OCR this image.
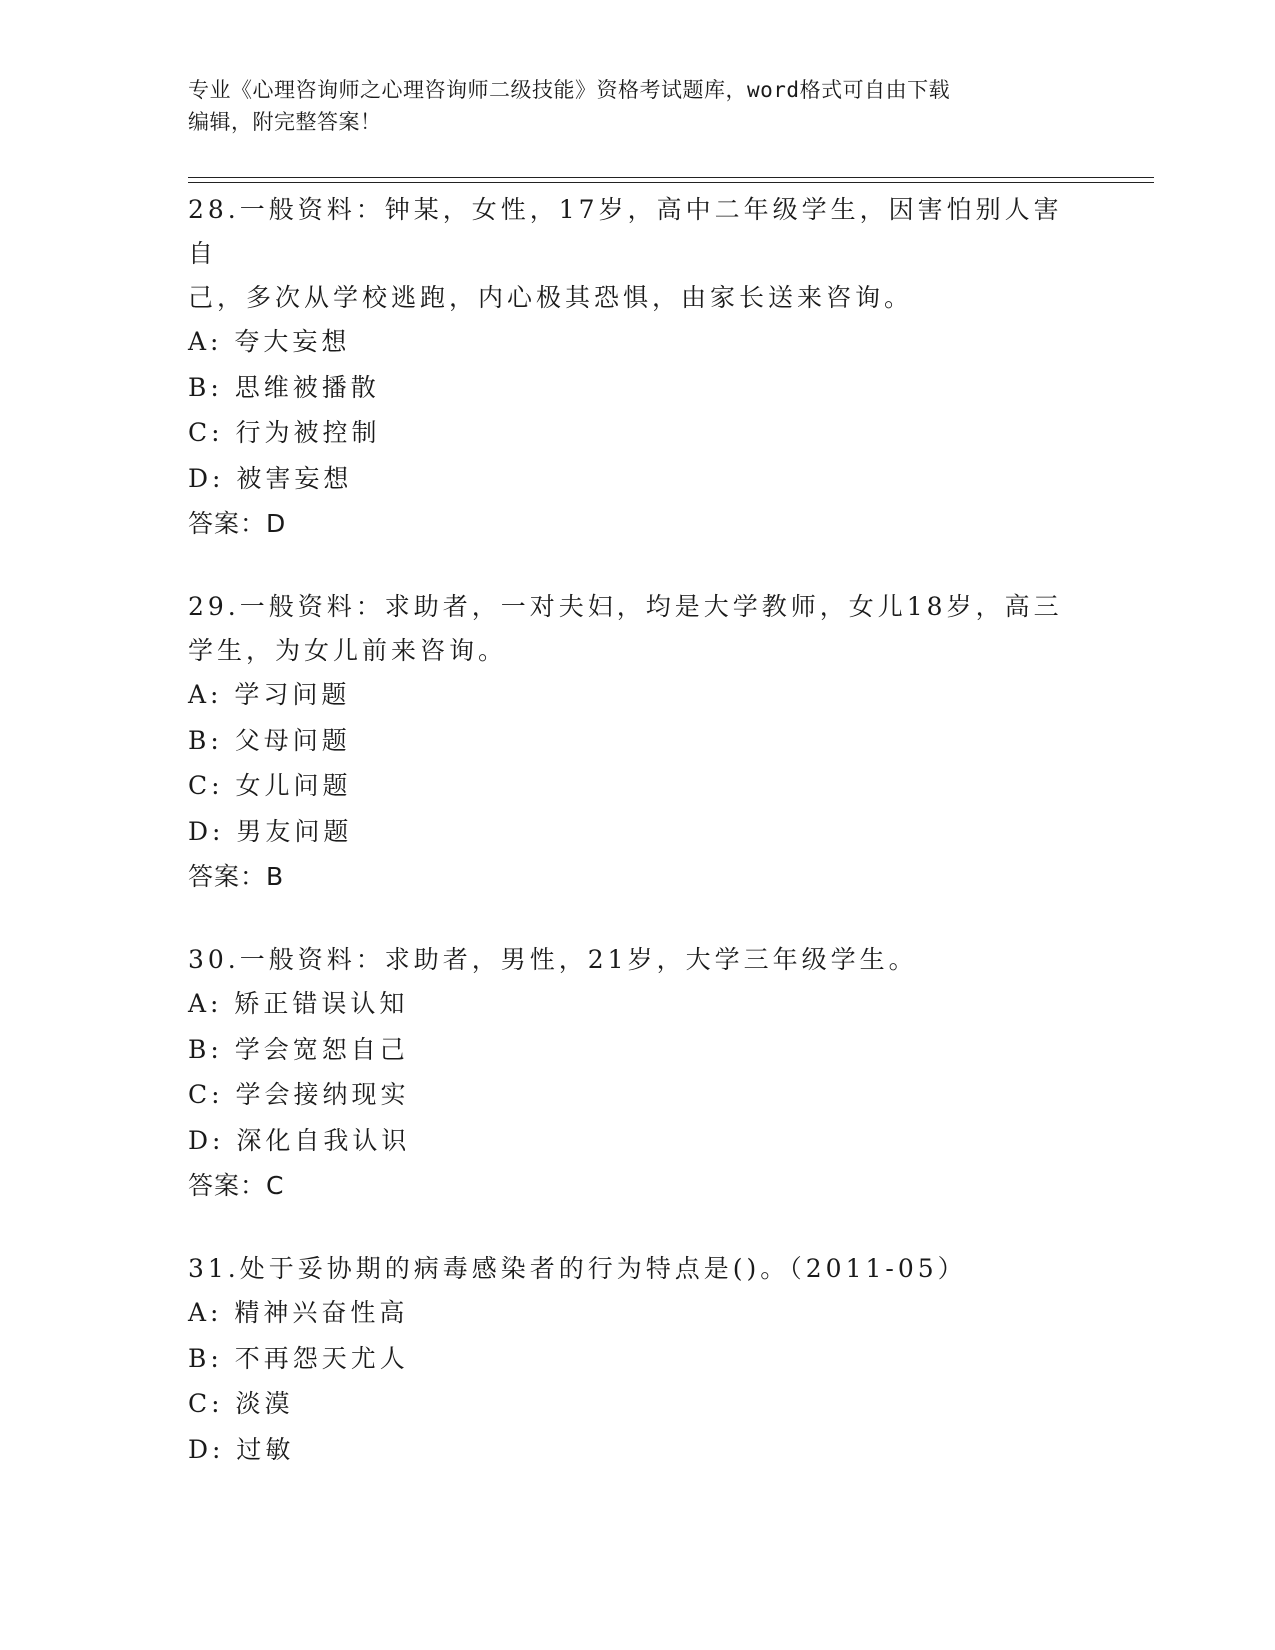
专业《心理咨询师之心理咨询师二级技能》资格考试题库，word格式可自由下载
编辑，附完整答案！
28.一般资料：钟某，女性，17岁，高中二年级学生，因害怕别人害自
己，多次从学校逃跑，内心极其恐惧，由家长送来咨询。
A: 夸大妄想
B: 思维被播散
C: 行为被控制
D: 被害妄想
答案：D
29.一般资料：求助者，一对夫妇，均是大学教师，女儿18岁，高三
学生，为女儿前来咨询。
A: 学习问题
B: 父母问题
C: 女儿问题
D: 男友问题
答案：B
30.一般资料：求助者，男性，21岁，大学三年级学生。
A: 矫正错误认知
B: 学会宽恕自己
C: 学会接纳现实
D: 深化自我认识
答案：C
31.处于妥协期的病毒感染者的行为特点是()。（2011-05）
A: 精神兴奋性高
B: 不再怨天尤人
C: 淡漠
D: 过敏
